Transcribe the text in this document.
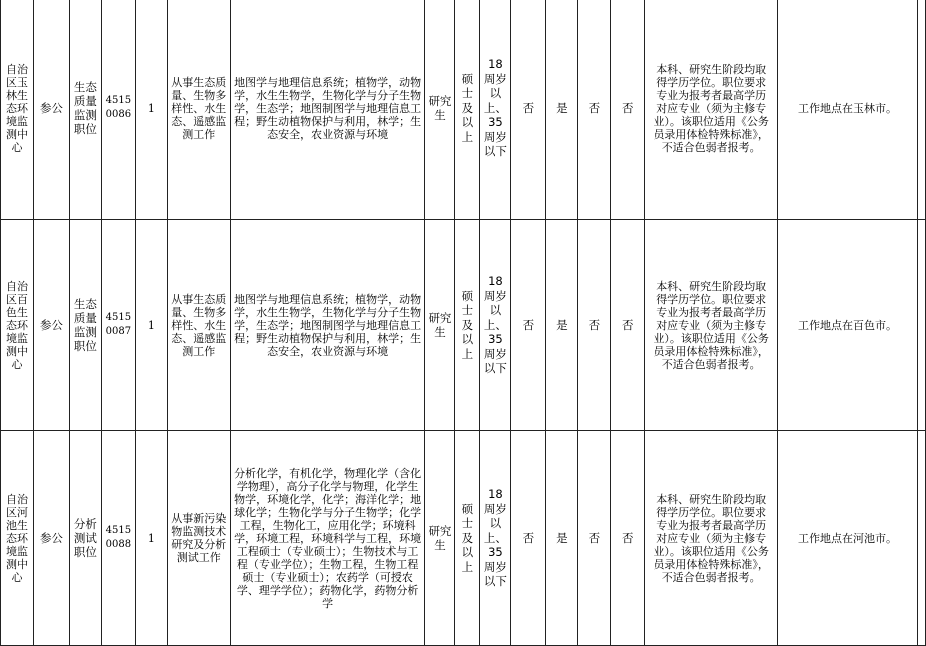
自治区玉林生态环境监测中心	参公	生态质量监测职位	45150086	1	从事生态质量、生物多样性、水生态、遥感监测工作	地图学与地理信息系统；植物学，动物学，水生生物学，生物化学与分子生物学，生态学；地图制图学与地理信息工程；野生动植物保护与利用，林学；生态安全，农业资源与环境	研究生	硕士及以上	18周岁以上、35周岁以下	否	是	否	否	本科、研究生阶段均取得学历学位。职位要求专业为报考者最高学历对应专业（须为主修专业）。该职位适用《公务员录用体检特殊标准》，不适合色弱者报考。	工作地点在玉林市。	
自治区百色生态环境监测中心	参公	生态质量监测职位	45150087	1	从事生态质量、生物多样性、水生态、遥感监测工作	地图学与地理信息系统；植物学，动物学，水生生物学，生物化学与分子生物学，生态学；地图制图学与地理信息工程；野生动植物保护与利用，林学；生态安全，农业资源与环境	研究生	硕士及以上	18周岁以上、35周岁以下	否	是	否	否	本科、研究生阶段均取得学历学位。职位要求专业为报考者最高学历对应专业（须为主修专业）。该职位适用《公务员录用体检特殊标准》，不适合色弱者报考。	工作地点在百色市。	
自治区河池生态环境监测中心	参公	分析测试职位	45150088	1	从事新污染物监测技术研究及分析测试工作	分析化学，有机化学，物理化学（含化学物理），高分子化学与物理，化学生物学，环境化学，化学；海洋化学；地球化学；生物化学与分子生物学；化学工程，生物化工，应用化学；环境科学，环境工程，环境科学与工程，环境工程硕士（专业硕士）；生物技术与工程（专业学位）；生物工程，生物工程硕士（专业硕士）；农药学（可授农学、理学学位）；药物化学，药物分析学	研究生	硕士及以上	18周岁以上、35周岁以下	否	是	否	否	本科、研究生阶段均取得学历学位。职位要求专业为报考者最高学历对应专业（须为主修专业）。该职位适用《公务员录用体检特殊标准》，不适合色弱者报考。	工作地点在河池市。	
